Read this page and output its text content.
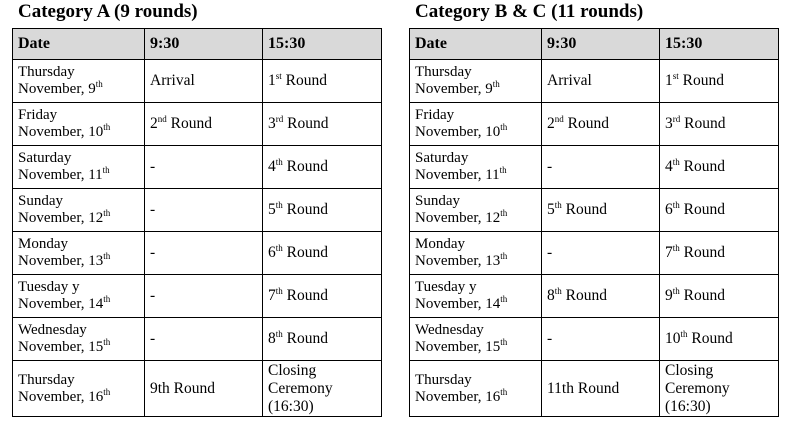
Category A (9 rounds)
Date	9:30	15:30

Thursday
November, 9th	Arrival	1st Round

Friday
November, 10th	2nd Round	3rd Round

Saturday
November, 11th	-	4th Round

Sunday
November, 12th	-	5th Round

Monday
November, 13th	-	6th Round

Tuesday y
November, 14th	-	7th Round

Wednesday
November, 15th	-	8th Round

Thursday
November, 16th	9th Round	Closing
Ceremony
(16:30)
Category B & C (11 rounds)
Date	9:30	15:30

Thursday
November, 9th	Arrival	1st Round

Friday
November, 10th	2nd Round	3rd Round

Saturday
November, 11th	-	4th Round

Sunday
November, 12th	5th Round	6th Round

Monday
November, 13th	-	7th Round

Tuesday y
November, 14th	8th Round	9th Round

Wednesday
November, 15th	-	10th Round

Thursday
November, 16th	11th Round	Closing
Ceremony
(16:30)
